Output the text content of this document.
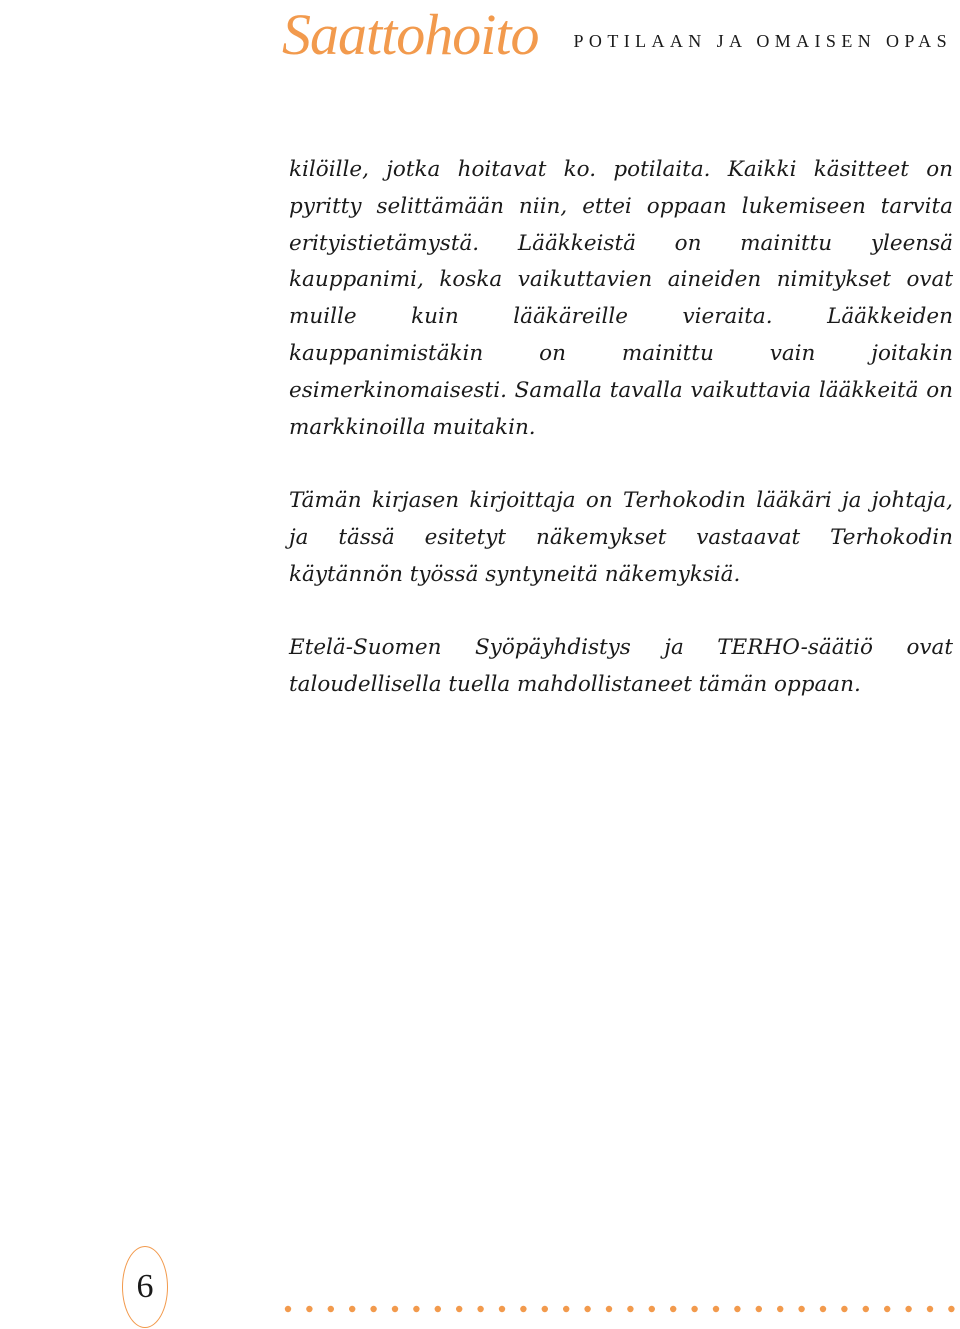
Saattohoito POTILAAN JA OMAISEN OPAS

kilöille, jotka hoitavat ko. potilaita. Kaikki käsitteet on pyritty selittämään niin, ettei oppaan lukemiseen tarvita erityistietämystä. Lääkkeistä on mainittu yleensä kauppanimi, koska vaikuttavien aineiden nimitykset ovat muille kuin lääkäreille vieraita. Lääkkeiden kauppanimistäkin on mainittu vain joitakin esimerkinomaisesti. Samalla tavalla vaikuttavia lääkkeitä on markkinoilla muitakin.

Tämän kirjasen kirjoittaja on Terhokodin lääkäri ja johtaja, ja tässä esitetyt näkemykset vastaavat Terhokodin käytännön työssä syntyneitä näkemyksiä.

Etelä-Suomen Syöpäyhdistys ja TERHO-säätiö ovat taloudellisella tuella mahdollistaneet tämän oppaan.

6
